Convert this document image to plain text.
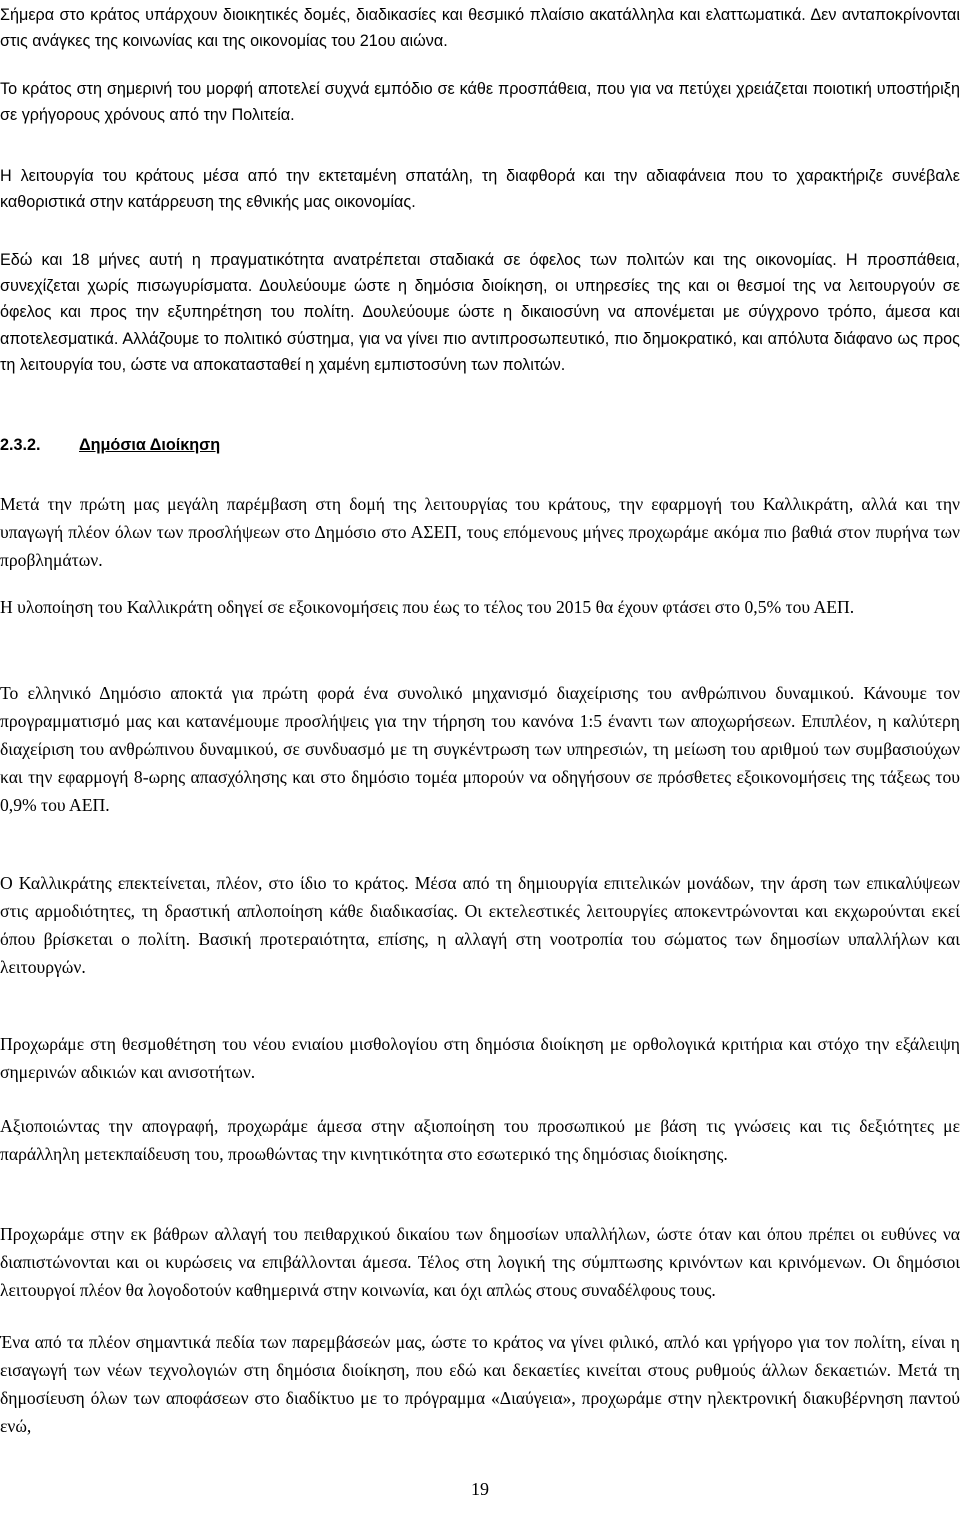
Σήμερα στο κράτος υπάρχουν διοικητικές δομές, διαδικασίες και θεσμικό πλαίσιο ακατάλληλα και ελαττωματικά. Δεν ανταποκρίνονται στις ανάγκες της κοινωνίας και της οικονομίας του 21ου αιώνα.

Το κράτος στη σημερινή του μορφή αποτελεί συχνά εμπόδιο σε κάθε προσπάθεια, που για να πετύχει χρειάζεται ποιοτική υποστήριξη σε γρήγορους χρόνους από την Πολιτεία.

Η λειτουργία του κράτους μέσα από την εκτεταμένη σπατάλη, τη διαφθορά και την αδιαφάνεια που το χαρακτήριζε συνέβαλε καθοριστικά στην κατάρρευση της εθνικής μας οικονομίας.

Εδώ και 18 μήνες αυτή η πραγματικότητα ανατρέπεται σταδιακά σε όφελος των πολιτών και της οικονομίας. Η προσπάθεια, συνεχίζεται χωρίς πισωγυρίσματα. Δουλεύουμε ώστε η δημόσια διοίκηση, οι υπηρεσίες της και οι θεσμοί της να λειτουργούν σε όφελος και προς την εξυπηρέτηση του πολίτη. Δουλεύουμε ώστε η δικαιοσύνη να απονέμεται με σύγχρονο τρόπο, άμεσα και αποτελεσματικά. Αλλάζουμε το πολιτικό σύστημα, για να γίνει πιο αντιπροσωπευτικό, πιο δημοκρατικό, και απόλυτα διάφανο ως προς τη λειτουργία του, ώστε να αποκατασταθεί η χαμένη εμπιστοσύνη των πολιτών.

2.3.2. Δημόσια Διοίκηση

Μετά την πρώτη μας μεγάλη παρέμβαση στη δομή της λειτουργίας του κράτους, την εφαρμογή του Καλλικράτη, αλλά και την υπαγωγή πλέον όλων των προσλήψεων στο Δημόσιο στο ΑΣΕΠ, τους επόμενους μήνες προχωράμε ακόμα πιο βαθιά στον πυρήνα των προβλημάτων.

Η υλοποίηση του Καλλικράτη οδηγεί σε εξοικονομήσεις που έως το τέλος του 2015 θα έχουν φτάσει στο 0,5% του ΑΕΠ.

Το ελληνικό Δημόσιο αποκτά για πρώτη φορά ένα συνολικό μηχανισμό διαχείρισης του ανθρώπινου δυναμικού. Κάνουμε τον προγραμματισμό μας και κατανέμουμε προσλήψεις για την τήρηση του κανόνα 1:5 έναντι των αποχωρήσεων. Επιπλέον, η καλύτερη διαχείριση του ανθρώπινου δυναμικού, σε συνδυασμό με τη συγκέντρωση των υπηρεσιών, τη μείωση του αριθμού των συμβασιούχων και την εφαρμογή 8-ωρης απασχόλησης και στο δημόσιο τομέα μπορούν να οδηγήσουν σε πρόσθετες εξοικονομήσεις της τάξεως του 0,9% του ΑΕΠ.

Ο Καλλικράτης επεκτείνεται, πλέον, στο ίδιο το κράτος. Μέσα από τη δημιουργία επιτελικών μονάδων, την άρση των επικαλύψεων στις αρμοδιότητες, τη δραστική απλοποίηση κάθε διαδικασίας. Οι εκτελεστικές λειτουργίες αποκεντρώνονται και εκχωρούνται εκεί όπου βρίσκεται ο πολίτη. Βασική προτεραιότητα, επίσης, η αλλαγή στη νοοτροπία του σώματος των δημοσίων υπαλλήλων και λειτουργών.

Προχωράμε στη θεσμοθέτηση του νέου ενιαίου μισθολογίου στη δημόσια διοίκηση με ορθολογικά κριτήρια και στόχο την εξάλειψη σημερινών αδικιών και ανισοτήτων.

Αξιοποιώντας την απογραφή, προχωράμε άμεσα στην αξιοποίηση του προσωπικού με βάση τις γνώσεις και τις δεξιότητες με παράλληλη μετεκπαίδευση του, προωθώντας την κινητικότητα στο εσωτερικό της δημόσιας διοίκησης.

Προχωράμε στην εκ βάθρων αλλαγή του πειθαρχικού δικαίου των δημοσίων υπαλλήλων, ώστε όταν και όπου πρέπει οι ευθύνες να διαπιστώνονται και οι κυρώσεις να επιβάλλονται άμεσα. Τέλος στη λογική της σύμπτωσης κρινόντων και κρινόμενων. Οι δημόσιοι λειτουργοί πλέον θα λογοδοτούν καθημερινά στην κοινωνία, και όχι απλώς στους συναδέλφους τους.

Ένα από τα πλέον σημαντικά πεδία των παρεμβάσεών μας, ώστε το κράτος να γίνει φιλικό, απλό και γρήγορο για τον πολίτη, είναι η εισαγωγή των νέων τεχνολογιών στη δημόσια διοίκηση, που εδώ και δεκαετίες κινείται στους ρυθμούς άλλων δεκαετιών. Μετά τη δημοσίευση όλων των αποφάσεων στο διαδίκτυο με το πρόγραμμα «Διαύγεια», προχωράμε στην ηλεκτρονική διακυβέρνηση παντού ενώ,

19
